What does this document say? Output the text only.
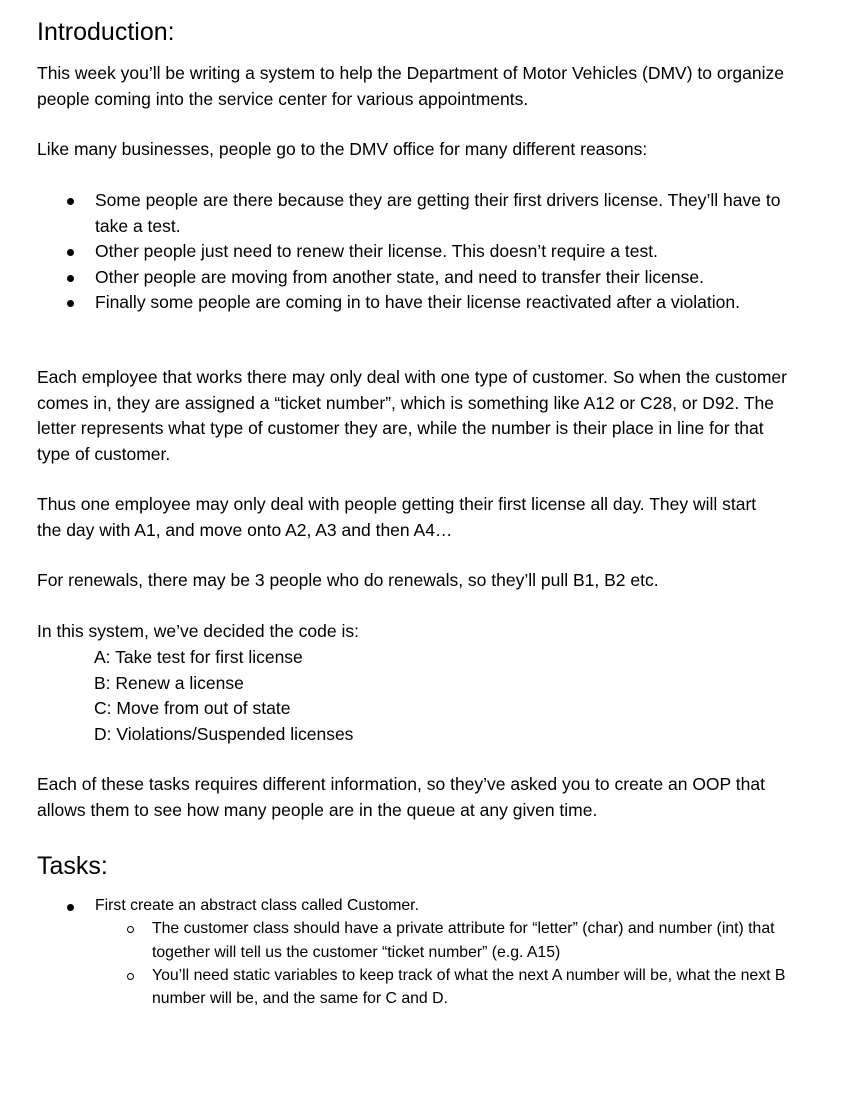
Introduction:

This week you’ll be writing a system to help the Department of Motor Vehicles (DMV) to organize people coming into the service center for various appointments.

Like many businesses, people go to the DMV office for many different reasons:

Some people are there because they are getting their first drivers license. They’ll have to take a test.
Other people just need to renew their license. This doesn’t require a test.
Other people are moving from another state, and need to transfer their license.
Finally some people are coming in to have their license reactivated after a violation.

Each employee that works there may only deal with one type of customer. So when the customer comes in, they are assigned a “ticket number”, which is something like A12 or C28, or D92. The letter represents what type of customer they are, while the number is their place in line for that type of customer.

Thus one employee may only deal with people getting their first license all day. They will start the day with A1, and move onto A2, A3 and then A4…

For renewals, there may be 3 people who do renewals, so they’ll pull B1, B2 etc.

In this system, we’ve decided the code is:

A: Take test for first license

B: Renew a license

C: Move from out of state

D: Violations/Suspended licenses

Each of these tasks requires different information, so they’ve asked you to create an OOP that allows them to see how many people are in the queue at any given time.

Tasks:
First create an abstract class called Customer.
The customer class should have a private attribute for “letter” (char) and number (int) that together will tell us the customer “ticket number” (e.g. A15)
You’ll need static variables to keep track of what the next A number will be, what the next B number will be, and the same for C and D.
